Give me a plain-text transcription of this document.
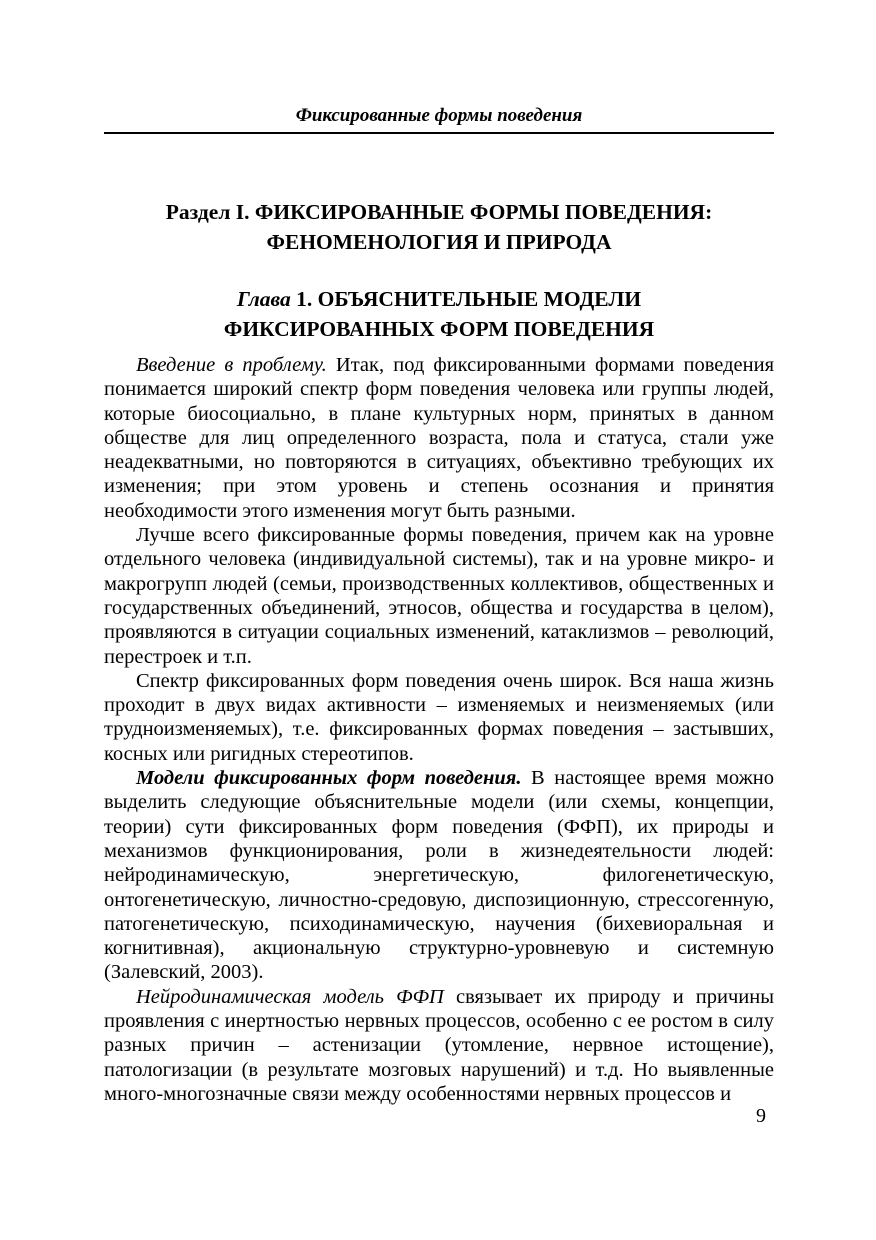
Фиксированные формы поведения
Раздел I. ФИКСИРОВАННЫЕ ФОРМЫ ПОВЕДЕНИЯ:
ФЕНОМЕНОЛОГИЯ И ПРИРОДА
Глава 1. ОБЪЯСНИТЕЛЬНЫЕ МОДЕЛИ
ФИКСИРОВАННЫХ ФОРМ ПОВЕДЕНИЯ

Введение в проблему. Итак, под фиксированными формами поведения понимается широкий спектр форм поведения человека или группы людей, которые биосоциально, в плане культурных норм, принятых в данном обществе для лиц определенного возраста, пола и статуса, стали уже неадекватными, но повторяются в ситуациях, объективно требующих их изменения; при этом уровень и степень осознания и принятия необходимости этого изменения могут быть разными.

Лучше всего фиксированные формы поведения, причем как на уровне отдельного человека (индивидуальной системы), так и на уровне микро- и макрогрупп людей (семьи, производственных коллективов, общественных и государственных объединений, этносов, общества и государства в целом), проявляются в ситуации социальных изменений, катаклизмов – революций, перестроек и т.п.

Спектр фиксированных форм поведения очень широк. Вся наша жизнь проходит в двух видах активности – изменяемых и неизменяемых (или трудноизменяемых), т.е. фиксированных формах поведения – застывших, косных или ригидных стереотипов.

Модели фиксированных форм поведения. В настоящее время можно выделить следующие объяснительные модели (или схемы, концепции, теории) сути фиксированных форм поведения (ФФП), их природы и механизмов функционирования, роли в жизнедеятельности людей: нейродинамическую, энергетическую, филогенетическую, онтогенетическую, личностно-средовую, диспозиционную, стрессогенную, патогенетическую, психодинамическую, научения (бихевиоральная и когнитивная), акциональную структурно-уровневую и системную (Залевский, 2003).

Нейродинамическая модель ФФП связывает их природу и причины проявления с инертностью нервных процессов, особенно с ее ростом в силу разных причин – астенизации (утомление, нервное истощение), патологизации (в результате мозговых нарушений) и т.д. Но выявленные много-многозначные связи между особенностями нервных процессов и

9
